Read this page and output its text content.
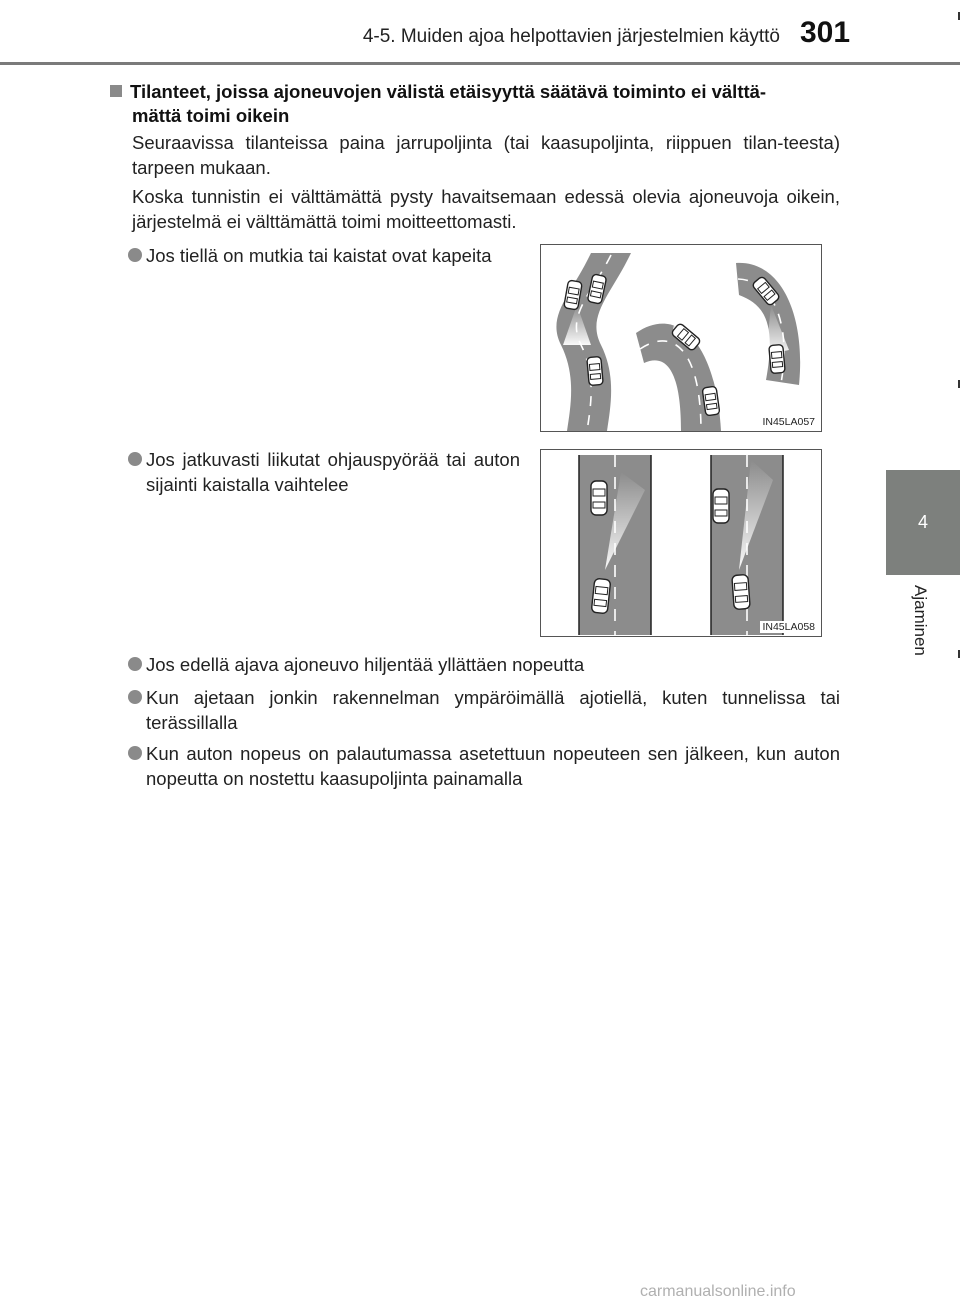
4-5. Muiden ajoa helpottavien järjestelmien käyttö 301
4
Ajaminen
Tilanteet, joissa ajoneuvojen välistä etäisyyttä säätävä toiminto ei välttä-
mättä toimi oikein
Seuraavissa tilanteissa paina jarrupoljinta (tai kaasupoljinta, riippuen tilan-teesta) tarpeen mukaan.
Koska tunnistin ei välttämättä pysty havaitsemaan edessä olevia ajoneuvoja oikein, järjestelmä ei välttämättä toimi moitteettomasti.
Jos tiellä on mutkia tai kaistat ovat kapeita
IN45LA057
Jos jatkuvasti liikutat ohjauspyörää tai auton sijainti kaistalla vaihtelee
IN45LA058
Jos edellä ajava ajoneuvo hiljentää yllättäen nopeutta
Kun ajetaan jonkin rakennelman ympäröimällä ajotiellä, kuten tunnelissa tai terässillalla
Kun auton nopeus on palautumassa asetettuun nopeuteen sen jälkeen, kun auton nopeutta on nostettu kaasupoljinta painamalla
carmanualsonline.info
